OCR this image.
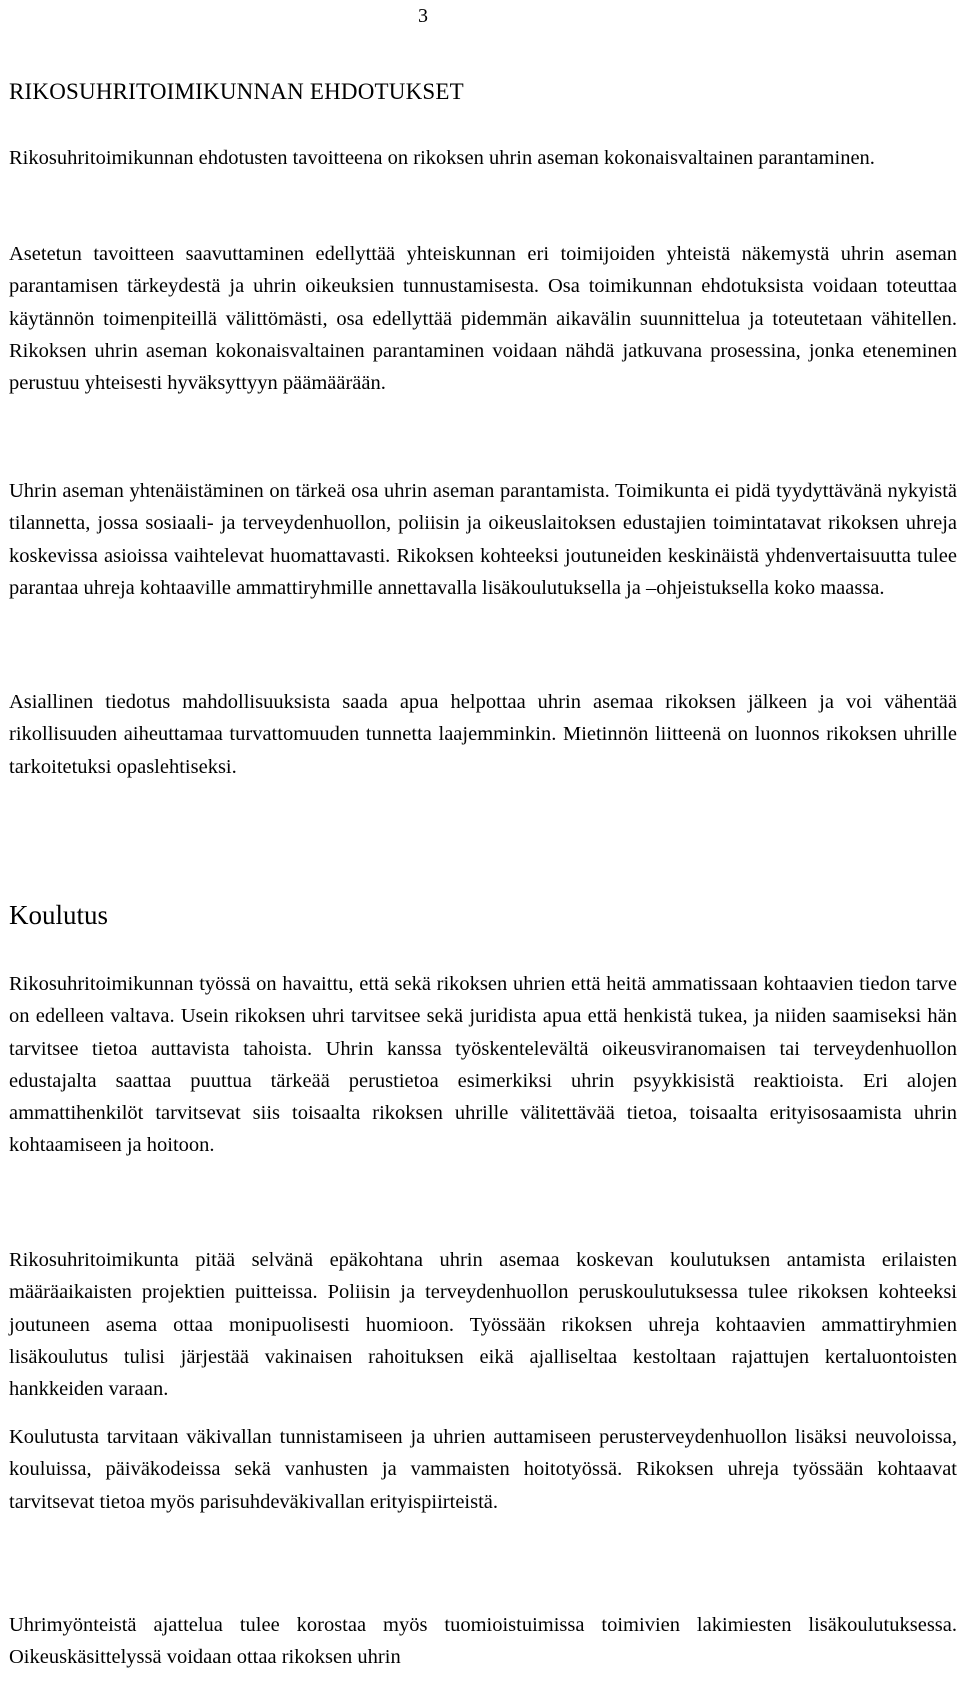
3
RIKOSUHRITOIMIKUNNAN EHDOTUKSET
Rikosuhritoimikunnan ehdotusten tavoitteena on rikoksen uhrin aseman kokonaisvaltainen parantaminen.
Asetetun tavoitteen saavuttaminen edellyttää yhteiskunnan eri toimijoiden yhteistä näkemystä uhrin aseman parantamisen tärkeydestä ja uhrin oikeuksien tunnustamisesta. Osa toimikunnan ehdotuksista voidaan toteuttaa käytännön toimenpiteillä välittömästi, osa edellyttää pidemmän aikavälin suunnittelua ja toteutetaan vähitellen. Rikoksen uhrin aseman kokonaisvaltainen parantaminen voidaan nähdä jatkuvana prosessina, jonka eteneminen perustuu yhteisesti hyväksyttyyn päämäärään.
Uhrin aseman yhtenäistäminen on tärkeä osa uhrin aseman parantamista. Toimikunta ei pidä tyydyttävänä nykyistä tilannetta, jossa sosiaali- ja terveydenhuollon, poliisin ja oikeuslaitoksen edustajien toimintatavat rikoksen uhreja koskevissa asioissa vaihtelevat huomattavasti. Rikoksen kohteeksi joutuneiden keskinäistä yhdenvertaisuutta tulee parantaa uhreja kohtaaville ammattiryhmille annettavalla lisäkoulutuksella ja –ohjeistuksella koko maassa.
Asiallinen tiedotus mahdollisuuksista saada apua helpottaa uhrin asemaa rikoksen jälkeen ja voi vähentää rikollisuuden aiheuttamaa turvattomuuden tunnetta laajemminkin. Mietinnön liitteenä on luonnos rikoksen uhrille tarkoitetuksi opaslehtiseksi.
Koulutus
Rikosuhritoimikunnan työssä on havaittu, että sekä rikoksen uhrien että heitä ammatissaan kohtaavien tiedon tarve on edelleen valtava. Usein rikoksen uhri tarvitsee sekä juridista apua että henkistä tukea, ja niiden saamiseksi hän tarvitsee tietoa auttavista tahoista. Uhrin kanssa työskentelevältä oikeusviranomaisen tai terveydenhuollon edustajalta saattaa puuttua tärkeää perustietoa esimerkiksi uhrin psyykkisistä reaktioista. Eri alojen ammattihenkilöt tarvitsevat siis toisaalta rikoksen uhrille välitettävää tietoa, toisaalta erityisosaamista uhrin kohtaamiseen ja hoitoon.
Rikosuhritoimikunta pitää selvänä epäkohtana uhrin asemaa koskevan koulutuksen antamista erilaisten määräaikaisten projektien puitteissa. Poliisin ja terveydenhuollon peruskoulutuksessa tulee rikoksen kohteeksi joutuneen asema ottaa monipuolisesti huomioon. Työssään rikoksen uhreja kohtaavien ammattiryhmien lisäkoulutus tulisi järjestää vakinaisen rahoituksen eikä ajalliseltaa kestoltaan rajattujen kertaluontoisten hankkeiden varaan.
Koulutusta tarvitaan väkivallan tunnistamiseen ja uhrien auttamiseen perusterveydenhuollon lisäksi neuvoloissa, kouluissa, päiväkodeissa sekä vanhusten ja vammaisten hoitotyössä. Rikoksen uhreja työssään kohtaavat tarvitsevat tietoa myös parisuhdeväkivallan erityispiirteistä.
Uhrimyönteistä ajattelua tulee korostaa myös tuomioistuimissa toimivien lakimiesten lisäkoulutuksessa. Oikeuskäsittelyssä voidaan ottaa rikoksen uhrin
